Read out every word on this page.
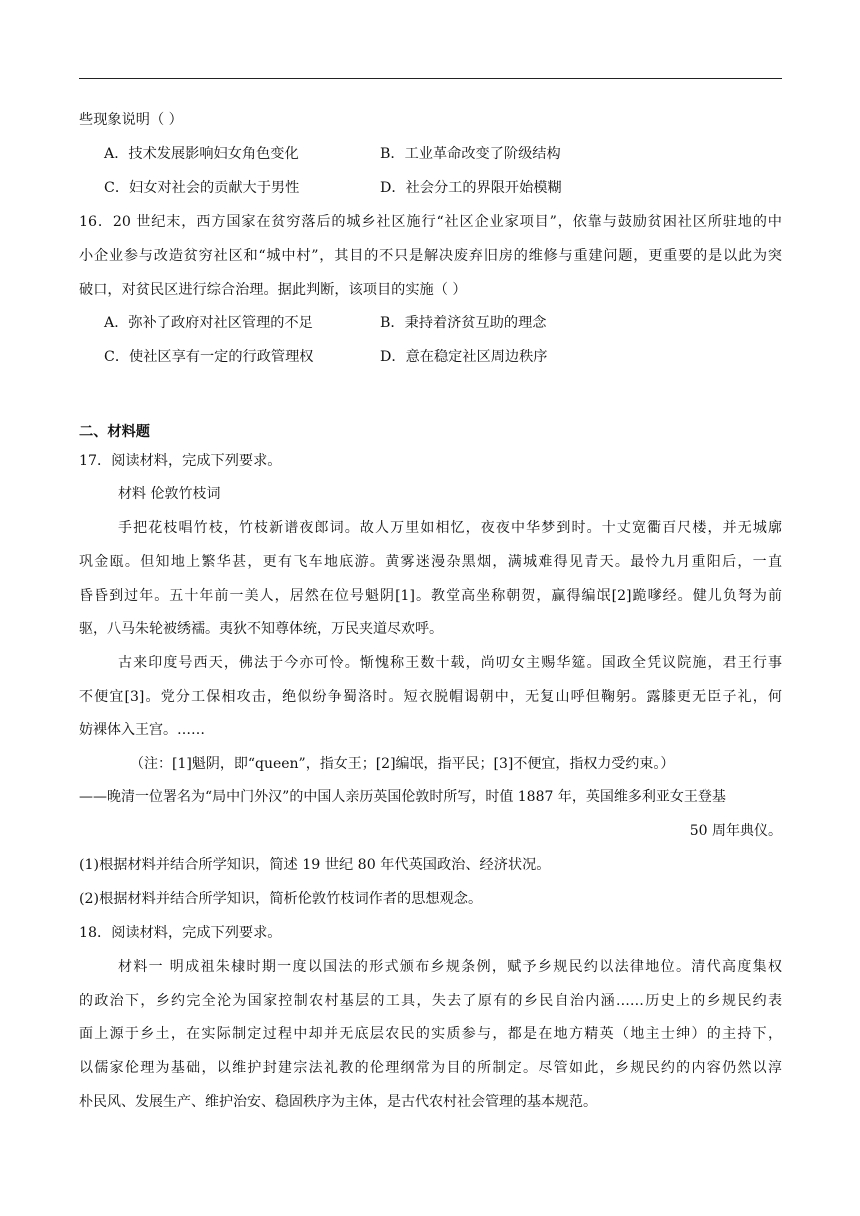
些现象说明（ ）
A．技术发展影响妇女角色变化	B．工业革命改变了阶级结构
C．妇女对社会的贡献大于男性	D．社会分工的界限开始模糊
16．20 世纪末，西方国家在贫穷落后的城乡社区施行“社区企业家项目”，依靠与鼓励贫困社区所驻地的中
小企业参与改造贫穷社区和“城中村”，其目的不只是解决废弃旧房的维修与重建问题，更重要的是以此为突
破口，对贫民区进行综合治理。据此判断，该项目的实施（ ）
A．弥补了政府对社区管理的不足	B．秉持着济贫互助的理念
C．使社区享有一定的行政管理权	D．意在稳定社区周边秩序
二、材料题
17．阅读材料，完成下列要求。
材料 伦敦竹枝词
手把花枝唱竹枝，竹枝新谱夜郎词。故人万里如相忆，夜夜中华梦到时。十丈宽衢百尺楼，并无城廓
巩金瓯。但知地上繁华甚，更有飞车地底游。黄雾迷漫杂黑烟，满城难得见青天。最怜九月重阳后，一直
昏昏到过年。五十年前一美人，居然在位号魁阴[1]。教堂高坐称朝贺，赢得编氓[2]跪嗲经。健儿负弩为前
驱，八马朱轮被绣襦。夷狄不知尊体统，万民夹道尽欢呼。
古来印度号西天，佛法于今亦可怜。惭愧称王数十载，尚叨女主赐华筵。国政全凭议院施，君王行事
不便宜[3]。党分工保相攻击，绝似纷争蜀洛时。短衣脱帽谒朝中，无复山呼但鞠躬。露膝更无臣子礼，何
妨裸体入王宫。……
（注：[1]魁阴，即“queen”，指女王；[2]编氓，指平民；[3]不便宜，指权力受约束。）
——晚清一位署名为“局中门外汉”的中国人亲历英国伦敦时所写，时值 1887 年，英国维多利亚女王登基
50 周年典仪。
(1)根据材料并结合所学知识，简述 19 世纪 80 年代英国政治、经济状况。
(2)根据材料并结合所学知识，简析伦敦竹枝词作者的思想观念。
18．阅读材料，完成下列要求。
材料一 明成祖朱棣时期一度以国法的形式颁布乡规条例，赋予乡规民约以法律地位。清代高度集权
的政治下，乡约完全沦为国家控制农村基层的工具，失去了原有的乡民自治内涵……历史上的乡规民约表
面上源于乡土，在实际制定过程中却并无底层农民的实质参与，都是在地方精英（地主士绅）的主持下，
以儒家伦理为基础，以维护封建宗法礼教的伦理纲常为目的所制定。尽管如此，乡规民约的内容仍然以淳
朴民风、发展生产、维护治安、稳固秩序为主体，是古代农村社会管理的基本规范。
